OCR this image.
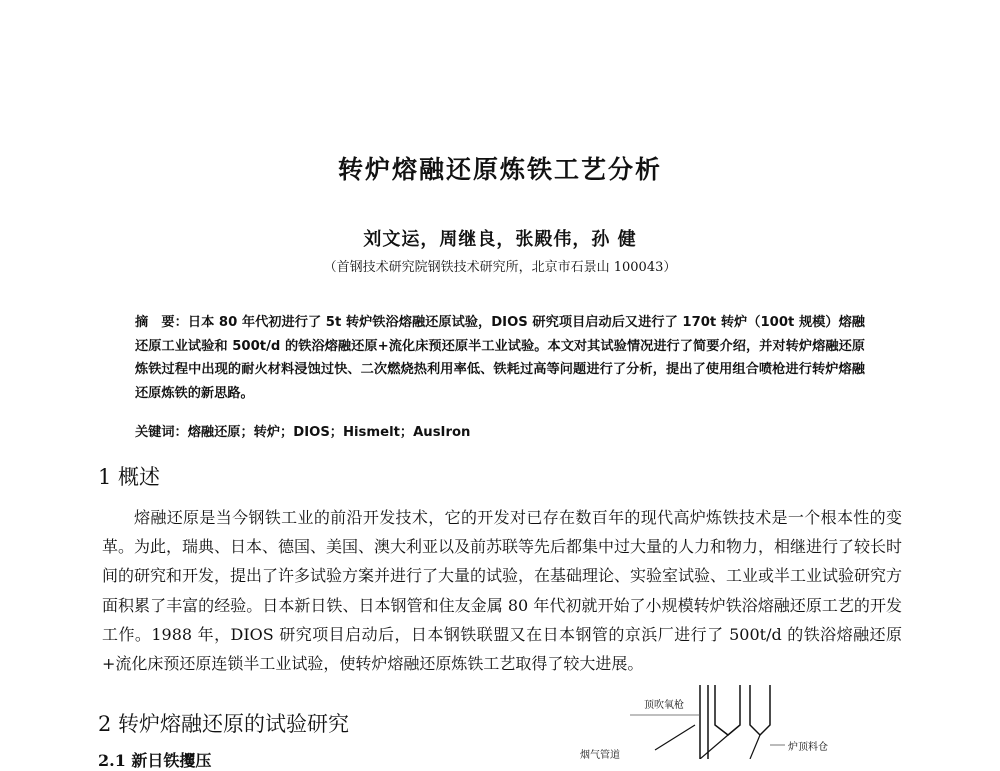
转炉熔融还原炼铁工艺分析
刘文运，周继良，张殿伟，孙 健
（首钢技术研究院钢铁技术研究所，北京市石景山 100043）
摘　要：日本 80 年代初进行了 5t 转炉铁浴熔融还原试验，DIOS 研究项目启动后又进行了 170t 转炉（100t 规模）熔融还原工业试验和 500t/d 的铁浴熔融还原+流化床预还原半工业试验。本文对其试验情况进行了简要介绍，并对转炉熔融还原炼铁过程中出现的耐火材料浸蚀过快、二次燃烧热利用率低、铁耗过高等问题进行了分析，提出了使用组合喷枪进行转炉熔融还原炼铁的新思路。
关键词：熔融还原；转炉；DIOS；Hismelt；AusIron
1 概述
熔融还原是当今钢铁工业的前沿开发技术，它的开发对已存在数百年的现代高炉炼铁技术是一个根本性的变革。为此，瑞典、日本、德国、美国、澳大利亚以及前苏联等先后都集中过大量的人力和物力，相继进行了较长时间的研究和开发，提出了许多试验方案并进行了大量的试验，在基础理论、实验室试验、工业或半工业试验研究方面积累了丰富的经验。日本新日铁、日本钢管和住友金属 80 年代初就开始了小规模转炉铁浴熔融还原工艺的开发工作。1988 年，DIOS 研究项目启动后，日本钢铁联盟又在日本钢管的京浜厂进行了 500t/d 的铁浴熔融还原+流化床预还原连锁半工业试验，使转炉熔融还原炼铁工艺取得了较大进展。
2 转炉熔融还原的试验研究
2.1 新日铁攫压
顶吹氧枪
烟气管道
炉顶料仓
